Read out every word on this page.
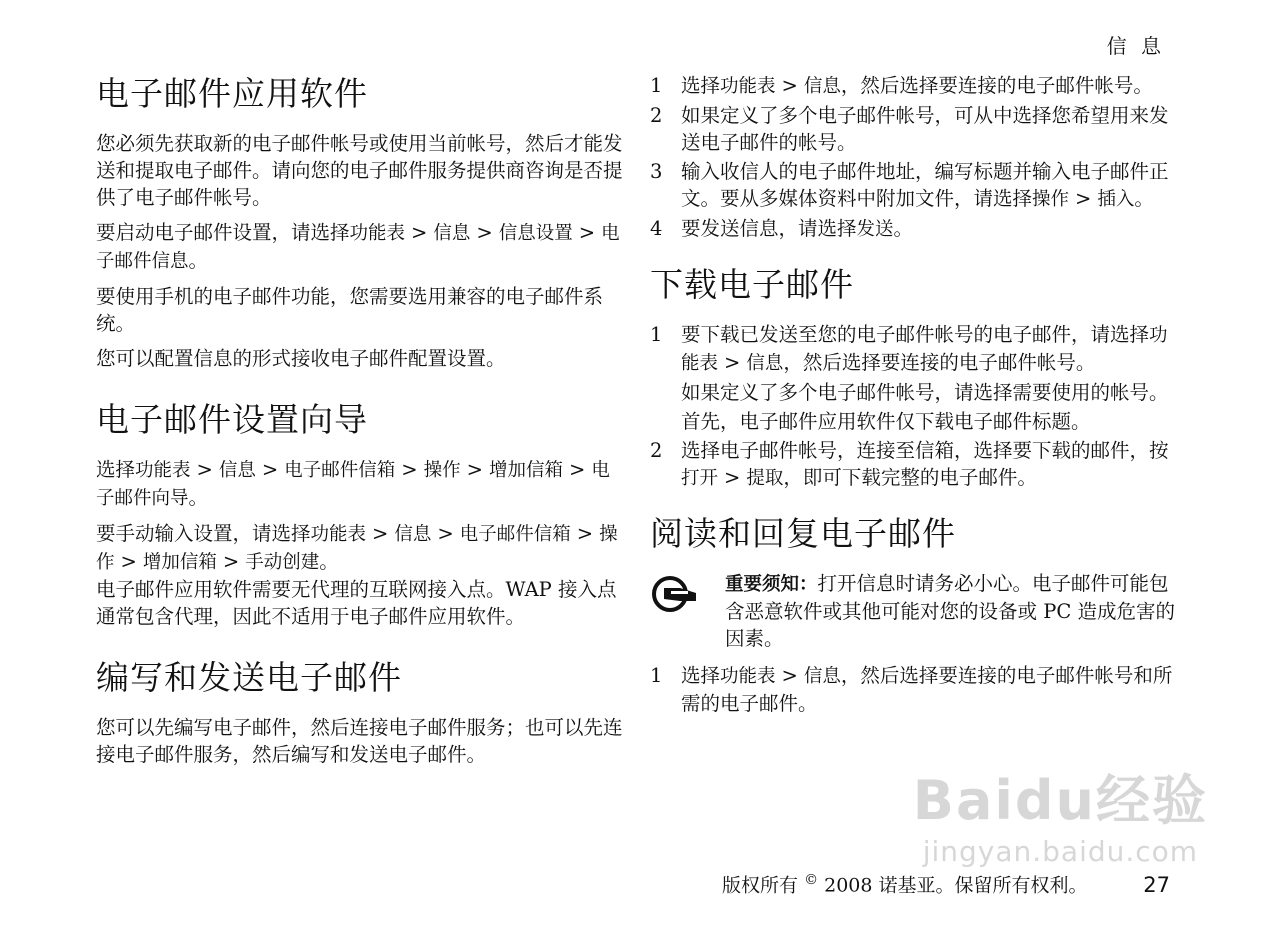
信 息
电子邮件应用软件

您必须先获取新的电子邮件帐号或使用当前帐号，然后才能发送和提取电子邮件。请向您的电子邮件服务提供商咨询是否提供了电子邮件帐号。

要启动电子邮件设置，请选择功能表 > 信息 > 信息设置 > 电子邮件信息。

要使用手机的电子邮件功能，您需要选用兼容的电子邮件系统。

您可以配置信息的形式接收电子邮件配置设置。

电子邮件设置向导

选择功能表 > 信息 > 电子邮件信箱 > 操作 > 增加信箱 > 电子邮件向导。

要手动输入设置，请选择功能表 > 信息 > 电子邮件信箱 > 操作 > 增加信箱 > 手动创建。

电子邮件应用软件需要无代理的互联网接入点。WAP 接入点通常包含代理，因此不适用于电子邮件应用软件。

编写和发送电子邮件

您可以先编写电子邮件，然后连接电子邮件服务；也可以先连接电子邮件服务，然后编写和发送电子邮件。

1 选择功能表 > 信息，然后选择要连接的电子邮件帐号。
2 如果定义了多个电子邮件帐号，可从中选择您希望用来发送电子邮件的帐号。
3 输入收信人的电子邮件地址，编写标题并输入电子邮件正文。要从多媒体资料中附加文件，请选择操作 > 插入。
4 要发送信息，请选择发送。
下载电子邮件
1 要下载已发送至您的电子邮件帐号的电子邮件，请选择功能表 > 信息，然后选择要连接的电子邮件帐号。
如果定义了多个电子邮件帐号，请选择需要使用的帐号。
首先，电子邮件应用软件仅下载电子邮件标题。
2 选择电子邮件帐号，连接至信箱，选择要下载的邮件，按打开 > 提取，即可下载完整的电子邮件。
阅读和回复电子邮件
重要须知：打开信息时请务必小心。电子邮件可能包含恶意软件或其他可能对您的设备或 PC 造成危害的因素。
1 选择功能表 > 信息，然后选择要连接的电子邮件帐号和所需的电子邮件。
Baidu经验
jingyan.baidu.com
版权所有 © 2008 诺基亚。保留所有权利。	27
